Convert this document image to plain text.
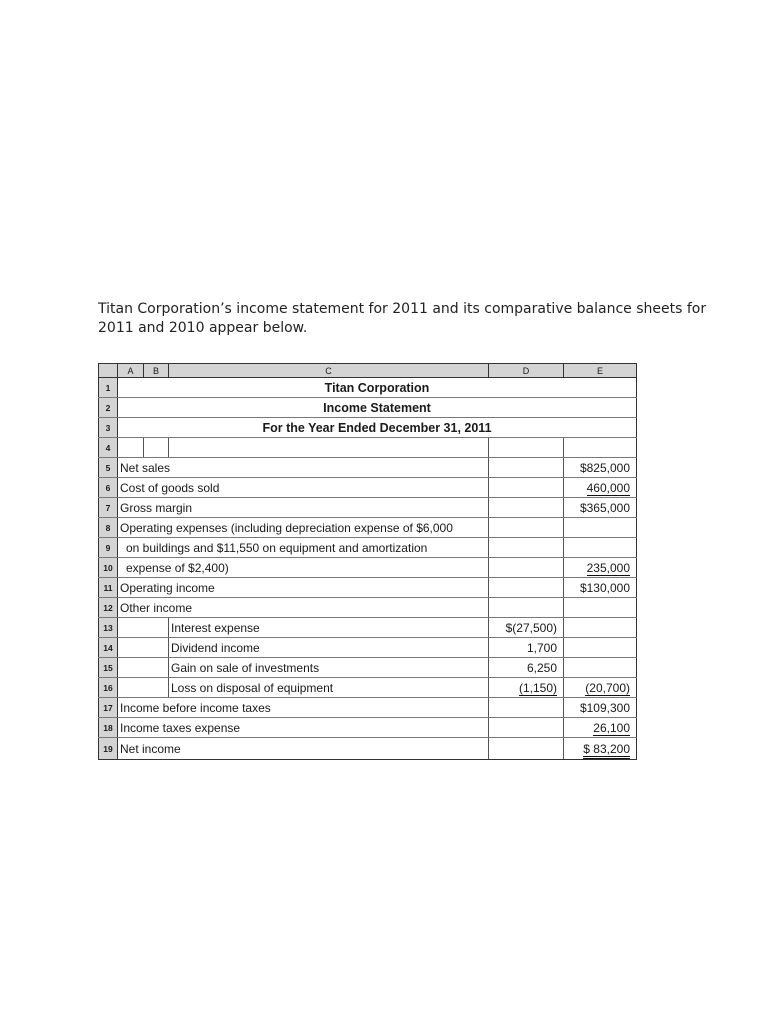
Titan Corporation’s income statement for 2011 and its comparative balance sheets for
2011 and 2010 appear below.
	A	B	C	D	E
1	Titan Corporation				
2	Income Statement				
3	For the Year Ended December 31, 2011				
4					
5	Net sales				$825,000
6	Cost of goods sold				460,000
7	Gross margin				$365,000
8	Operating expenses (including depreciation expense of $6,000				
9	on buildings and $11,550 on equipment and amortization				
10	expense of $2,400)				235,000
11	Operating income				$130,000
12	Other income				
13			Interest expense	$(27,500)	
14			Dividend income	1,700	
15			Gain on sale of investments	6,250	
16			Loss on disposal of equipment	(1,150)	(20,700)
17	Income before income taxes				$109,300
18	Income taxes expense				26,100
19	Net income				$ 83,200
